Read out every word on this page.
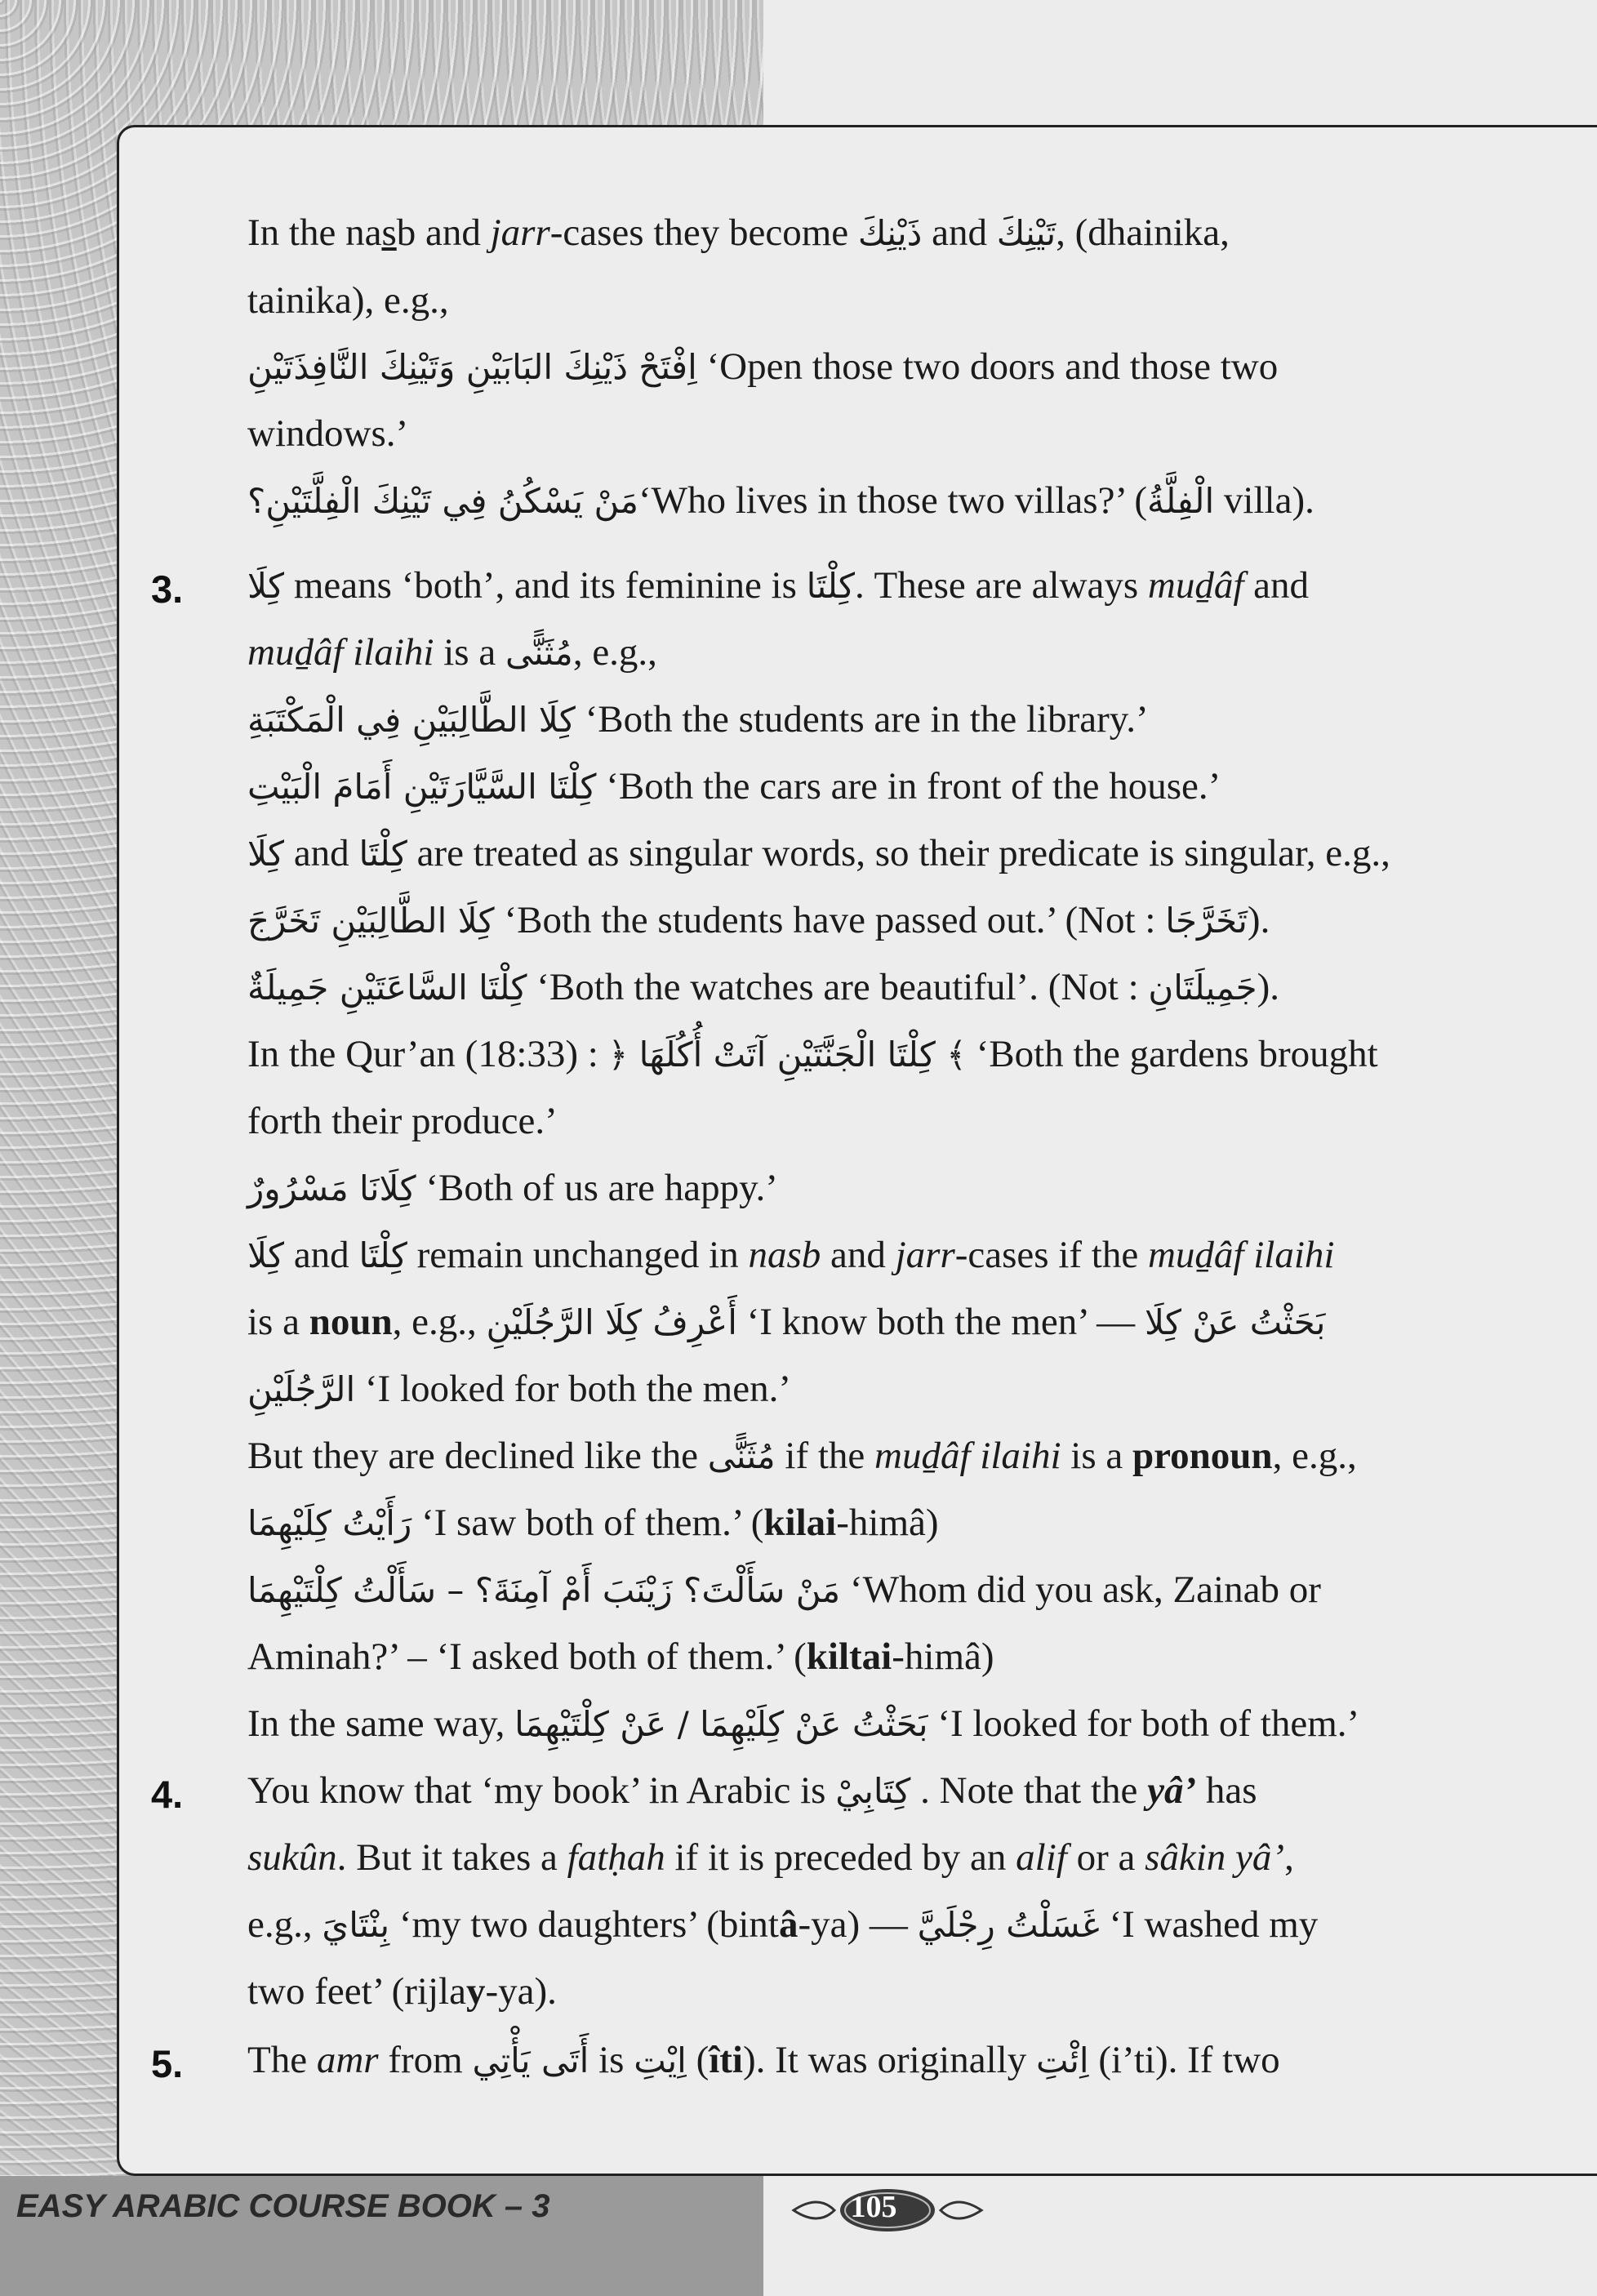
In the nasb and jarr-cases they become ذَيْنِكَ and تَيْنِكَ, (dhainika,
tainika), e.g.,
اِفْتَحْ ذَيْنِكَ البَابَيْنِ وَتَيْنِكَ النَّافِذَتَيْنِ ‘Open those two doors and those two
windows.’
مَنْ يَسْكُنُ فِي تَيْنِكَ الْفِلَّتَيْنِ؟‘Who lives in those two villas?’ (الْفِلَّةُ villa).
3. كِلَا means ‘both’, and its feminine is كِلْتَا. These are always muḏâf and
muḏâf ilaihi is a مُثَنًّى, e.g.,
كِلَا الطَّالِبَيْنِ فِي الْمَكْتَبَةِ ‘Both the students are in the library.’
كِلْتَا السَّيَّارَتَيْنِ أَمَامَ الْبَيْتِ ‘Both the cars are in front of the house.’
كِلَا and كِلْتَا are treated as singular words, so their predicate is singular, e.g.,
كِلَا الطَّالِبَيْنِ تَخَرَّجَ ‘Both the students have passed out.’ (Not : تَخَرَّجَا).
كِلْتَا السَّاعَتَيْنِ جَمِيلَةٌ ‘Both the watches are beautiful’. (Not : جَمِيلَتَانِ).
In the Qur’an (18:33) : ﴿ كِلْتَا الْجَنَّتَيْنِ آتَتْ أُكُلَهَا ﴾ ‘Both the gardens brought
forth their produce.’
كِلَانَا مَسْرُورٌ ‘Both of us are happy.’
كِلَا and كِلْتَا remain unchanged in nasb and jarr-cases if the muḏâf ilaihi
is a noun, e.g., أَعْرِفُ كِلَا الرَّجُلَيْنِ ‘I know both the men’ — بَحَثْتُ عَنْ كِلَا
الرَّجُلَيْنِ ‘I looked for both the men.’
But they are declined like the مُثَنًّى if the muḏâf ilaihi is a pronoun, e.g.,
رَأَيْتُ كِلَيْهِمَا ‘I saw both of them.’ (kilai-himâ)
مَنْ سَأَلْتَ؟ زَيْنَبَ أَمْ آمِنَةَ؟ – سَأَلْتُ كِلْتَيْهِمَا ‘Whom did you ask, Zainab or
Aminah?’ – ‘I asked both of them.’ (kiltai-himâ)
In the same way, بَحَثْتُ عَنْ كِلَيْهِمَا / عَنْ كِلْتَيْهِمَا ‘I looked for both of them.’
4. You know that ‘my book’ in Arabic is كِتَابِيْ . Note that the yâ’ has
sukûn. But it takes a fatḥah if it is preceded by an alif or a sâkin yâ’,
e.g., بِنْتَايَ ‘my two daughters’ (bintâ-ya) — غَسَلْتُ رِجْلَيَّ ‘I washed my
two feet’ (rijlay-ya).
5. The amr from أَتَى يَأْتِي is اِيْتِ (îti). It was originally اِئْتِ (i’ti). If two
EASY ARABIC COURSE BOOK – 3	105
